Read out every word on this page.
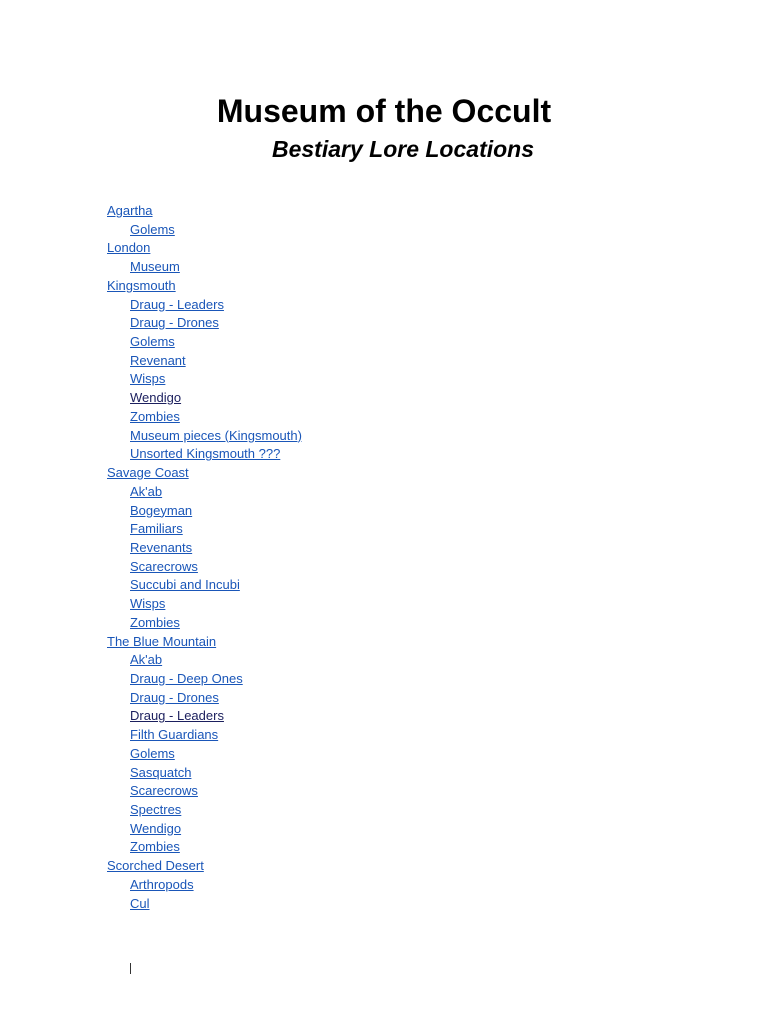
Museum of the Occult
Bestiary Lore Locations
Agartha
Golems
London
Museum
Kingsmouth
Draug - Leaders
Draug - Drones
Golems
Revenant
Wisps
Wendigo
Zombies
Museum pieces (Kingsmouth)
Unsorted Kingsmouth ???
Savage Coast
Ak'ab
Bogeyman
Familiars
Revenants
Scarecrows
Succubi and Incubi
Wisps
Zombies
The Blue Mountain
Ak'ab
Draug - Deep Ones
Draug - Drones
Draug - Leaders
Filth Guardians
Golems
Sasquatch
Scarecrows
Spectres
Wendigo
Zombies
Scorched Desert
Arthropods
Cul
